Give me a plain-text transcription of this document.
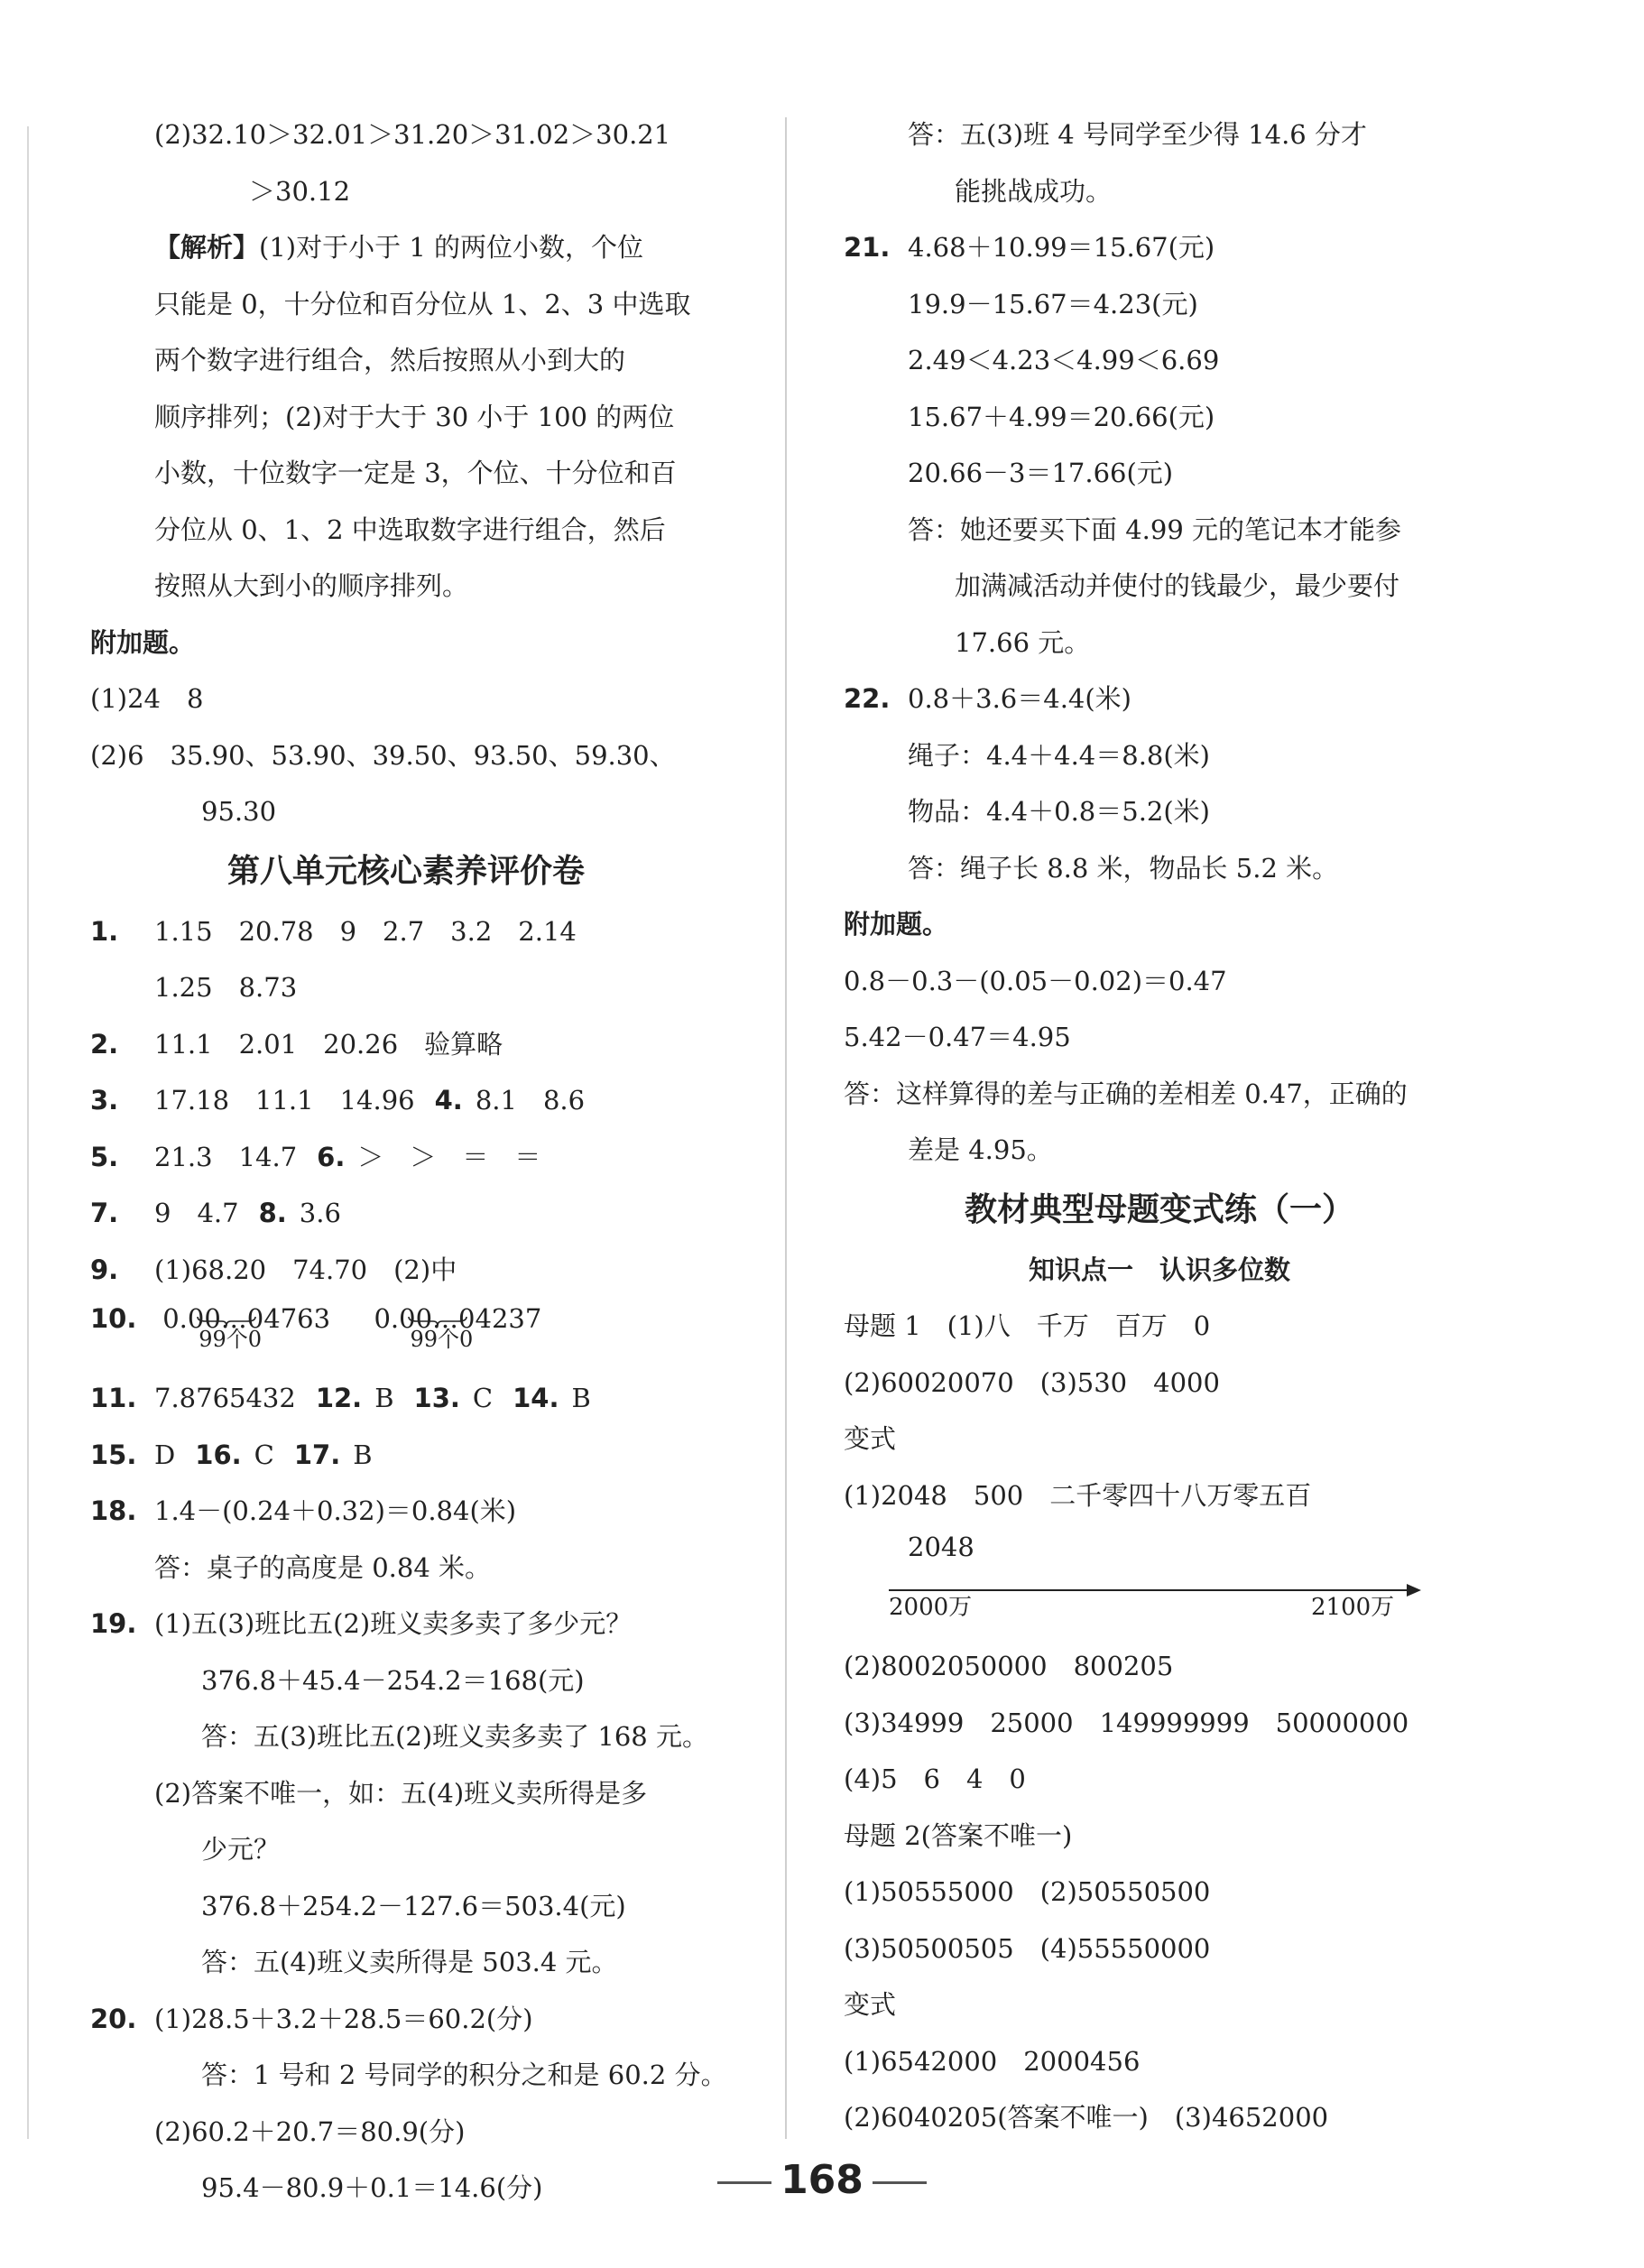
(2)32.10＞32.01＞31.20＞31.02＞30.21
＞30.12
【解析】(1)对于小于 1 的两位小数，个位
只能是 0，十分位和百分位从 1、2、3 中选取
两个数字进行组合，然后按照从小到大的
顺序排列；(2)对于大于 30 小于 100 的两位
小数，十位数字一定是 3，个位、十分位和百
分位从 0、1、2 中选取数字进行组合，然后
按照从大到小的顺序排列。
附加题。
(1)24　8
(2)6　35.90、53.90、39.50、93.50、59.30、
95.30
第八单元核心素养评价卷
1. 1.15　20.78　9　2.7　3.2　2.14
1.25　8.73
2. 11.1　2.01　20.26　验算略
3. 17.18　11.1　14.96 4. 8.1　8.6
5. 21.3　14.7 6. ＞　＞　＝　＝
7. 9　4.7 8. 3.6
9. (1)68.20　74.70　(2)中
10. 0.00…04763
99个0
0.00…04237
99个0
11. 7.8765432 12. B 13. C 14. B
15. D 16. C 17. B
18. 1.4－(0.24＋0.32)＝0.84(米)
答：桌子的高度是 0.84 米。
19. (1)五(3)班比五(2)班义卖多卖了多少元？
376.8＋45.4－254.2＝168(元)
答：五(3)班比五(2)班义卖多卖了 168 元。
(2)答案不唯一，如：五(4)班义卖所得是多
少元？
376.8＋254.2－127.6＝503.4(元)
答：五(4)班义卖所得是 503.4 元。
20. (1)28.5＋3.2＋28.5＝60.2(分)
答：1 号和 2 号同学的积分之和是 60.2 分。
(2)60.2＋20.7＝80.9(分)
95.4－80.9＋0.1＝14.6(分)
答：五(3)班 4 号同学至少得 14.6 分才
能挑战成功。
21. 4.68＋10.99＝15.67(元)
19.9－15.67＝4.23(元)
2.49＜4.23＜4.99＜6.69
15.67＋4.99＝20.66(元)
20.66－3＝17.66(元)
答：她还要买下面 4.99 元的笔记本才能参
加满减活动并使付的钱最少，最少要付
17.66 元。
22. 0.8＋3.6＝4.4(米)
绳子：4.4＋4.4＝8.8(米)
物品：4.4＋0.8＝5.2(米)
答：绳子长 8.8 米，物品长 5.2 米。
附加题。
0.8－0.3－(0.05－0.02)＝0.47
5.42－0.47＝4.95
答：这样算得的差与正确的差相差 0.47，正确的
差是 4.95。
教材典型母题变式练（一）
知识点一　认识多位数
母题 1　(1)八　千万　百万　0
(2)60020070　(3)530　4000
变式
(1)2048　500　二千零四十八万零五百
2048
2000万	2100万
(2)8002050000　800205
(3)34999　25000　149999999　50000000
(4)5　6　4　0
母题 2(答案不唯一)
(1)50555000　(2)50550500
(3)50500505　(4)55550000
变式
(1)6542000　2000456
(2)6040205(答案不唯一)　(3)4652000
168
